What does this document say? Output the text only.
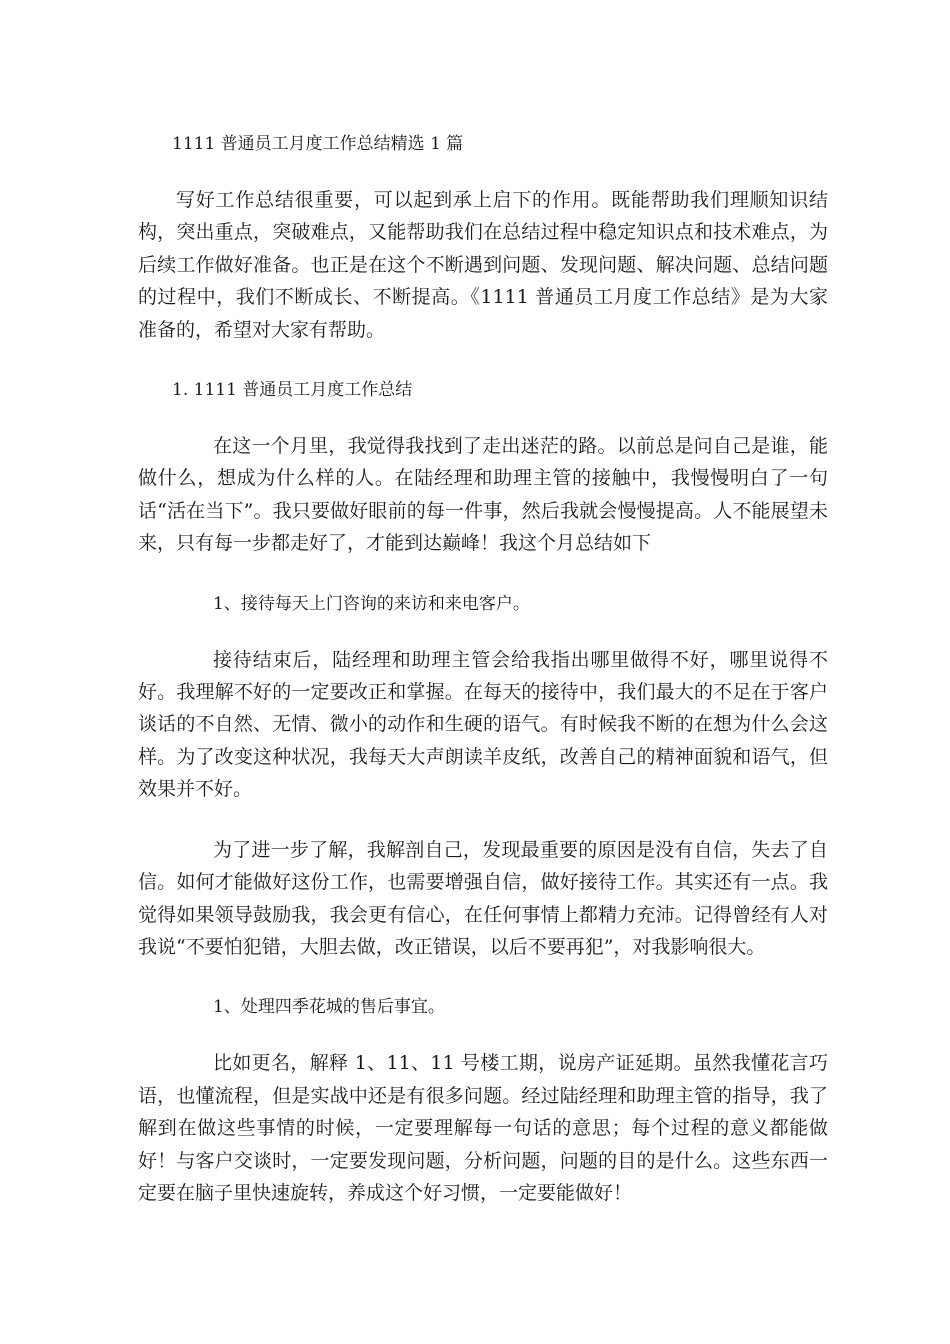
1111 普通员工月度工作总结精选 1 篇

写好工作总结很重要，可以起到承上启下的作用。既能帮助我们理顺知识结构，突出重点，突破难点，又能帮助我们在总结过程中稳定知识点和技术难点，为后续工作做好准备。也正是在这个不断遇到问题、发现问题、解决问题、总结问题的过程中，我们不断成长、不断提高。《1111 普通员工月度工作总结》是为大家准备的，希望对大家有帮助。

1. 1111 普通员工月度工作总结

在这一个月里，我觉得我找到了走出迷茫的路。以前总是问自己是谁，能做什么，想成为什么样的人。在陆经理和助理主管的接触中，我慢慢明白了一句话“活在当下”。我只要做好眼前的每一件事，然后我就会慢慢提高。人不能展望未来，只有每一步都走好了，才能到达巅峰！我这个月总结如下

1、接待每天上门咨询的来访和来电客户。

接待结束后，陆经理和助理主管会给我指出哪里做得不好，哪里说得不好。我理解不好的一定要改正和掌握。在每天的接待中，我们最大的不足在于客户谈话的不自然、无情、微小的动作和生硬的语气。有时候我不断的在想为什么会这样。为了改变这种状况，我每天大声朗读羊皮纸，改善自己的精神面貌和语气，但效果并不好。

为了进一步了解，我解剖自己，发现最重要的原因是没有自信，失去了自信。如何才能做好这份工作，也需要增强自信，做好接待工作。其实还有一点。我觉得如果领导鼓励我，我会更有信心，在任何事情上都精力充沛。记得曾经有人对我说“不要怕犯错，大胆去做，改正错误，以后不要再犯”，对我影响很大。

1、处理四季花城的售后事宜。

比如更名，解释 1、11、11 号楼工期，说房产证延期。虽然我懂花言巧语，也懂流程，但是实战中还是有很多问题。经过陆经理和助理主管的指导，我了解到在做这些事情的时候，一定要理解每一句话的意思；每个过程的意义都能做好！与客户交谈时，一定要发现问题，分析问题，问题的目的是什么。这些东西一定要在脑子里快速旋转，养成这个好习惯，一定要能做好！
